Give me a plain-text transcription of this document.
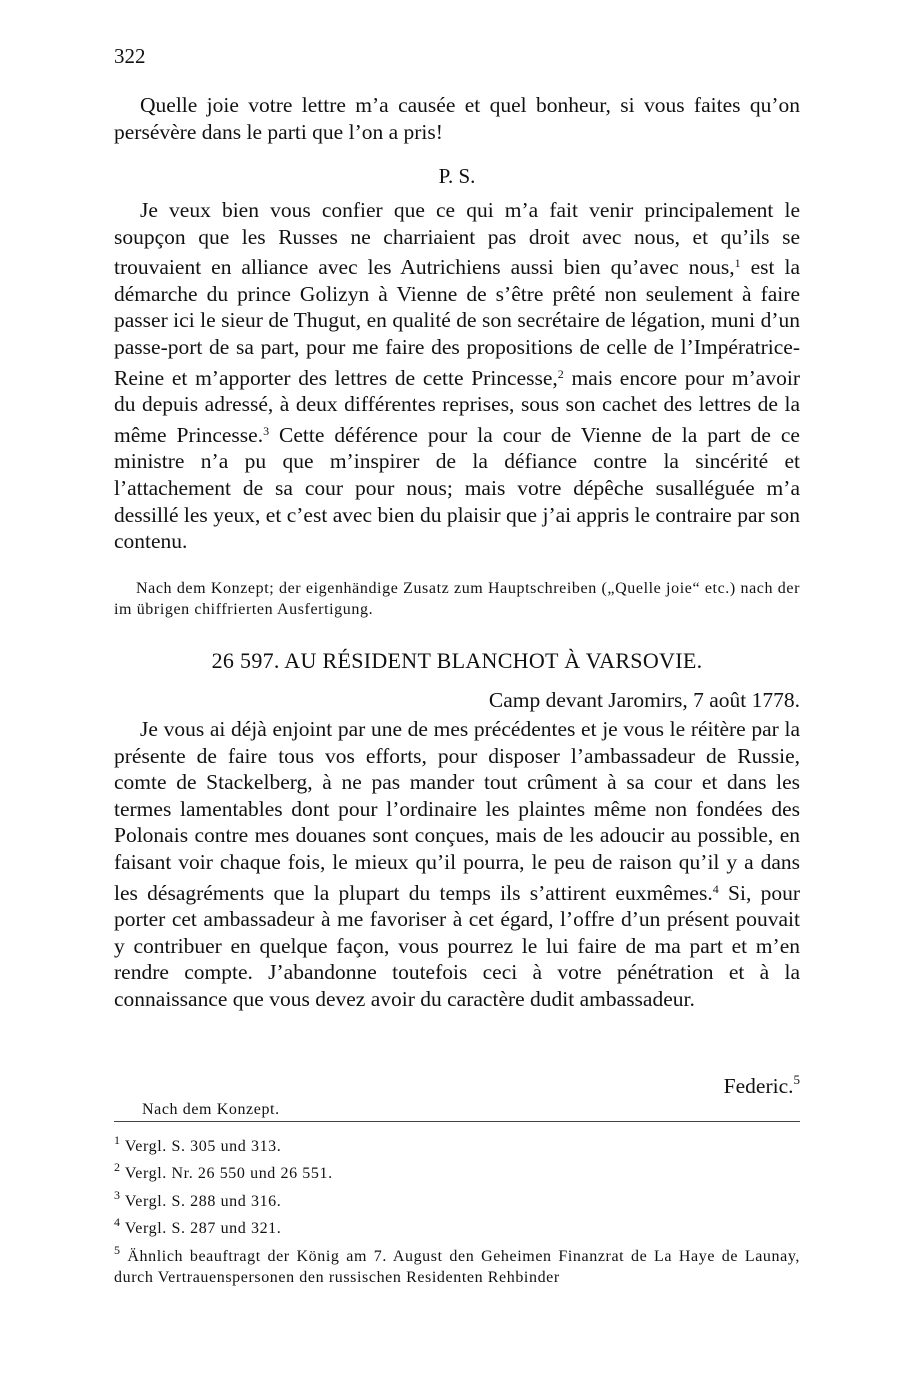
322

Quelle joie votre lettre m’a causée et quel bonheur, si vous faites qu’on persévère dans le parti que l’on a pris!

P. S.

Je veux bien vous confier que ce qui m’a fait venir principalement le soupçon que les Russes ne charriaient pas droit avec nous, et qu’ils se trouvaient en alliance avec les Autrichiens aussi bien qu’avec nous,$^1$ est la démarche du prince Golizyn à Vienne de s’être prêté non seulement à faire passer ici le sieur de Thugut, en qualité de son secrétaire de légation, muni d’un passe-port de sa part, pour me faire des propositions de celle de l’Impératrice-Reine et m’apporter des lettres de cette Princesse,$^2$ mais encore pour m’avoir du depuis adressé, à deux différentes reprises, sous son cachet des lettres de la même Princesse.$^3$ Cette déférence pour la cour de Vienne de la part de ce ministre n’a pu que m’inspirer de la défiance contre la sincérité et l’attachement de sa cour pour nous; mais votre dépêche susalléguée m’a dessillé les yeux, et c’est avec bien du plaisir que j’ai appris le contraire par son contenu.

Nach dem Konzept; der eigenhändige Zusatz zum Hauptschreiben („Quelle joie“ etc.) nach der im übrigen chiffrierten Ausfertigung.

26 597. AU RÉSIDENT BLANCHOT À VARSOVIE.
Camp devant Jaromirs, 7 août 1778.

Je vous ai déjà enjoint par une de mes précédentes et je vous le réitère par la présente de faire tous vos efforts, pour disposer l’ambassadeur de Russie, comte de Stackelberg, à ne pas mander tout crûment à sa cour et dans les termes lamentables dont pour l’ordinaire les plaintes même non fondées des Polonais contre mes douanes sont conçues, mais de les adoucir au possible, en faisant voir chaque fois, le mieux qu’il pourra, le peu de raison qu’il y a dans les désagréments que la plupart du temps ils s’attirent euxmêmes.$^4$ Si, pour porter cet ambassadeur à me favoriser à cet égard, l’offre d’un présent pouvait y contribuer en quelque façon, vous pourrez le lui faire de ma part et m’en rendre compte. J’abandonne toutefois ceci à votre pénétration et à la connaissance que vous devez avoir du caractère dudit ambassadeur.

Federic.$^5$
Nach dem Konzept.

$^1$ Vergl. S. 305 und 313.

$^2$ Vergl. Nr. 26 550 und 26 551.

$^3$ Vergl. S. 288 und 316.

$^4$ Vergl. S. 287 und 321.

$^5$ Ähnlich beauftragt der König am 7. August den Geheimen Finanzrat de La Haye de Launay, durch Vertrauenspersonen den russischen Residenten Rehbinder
